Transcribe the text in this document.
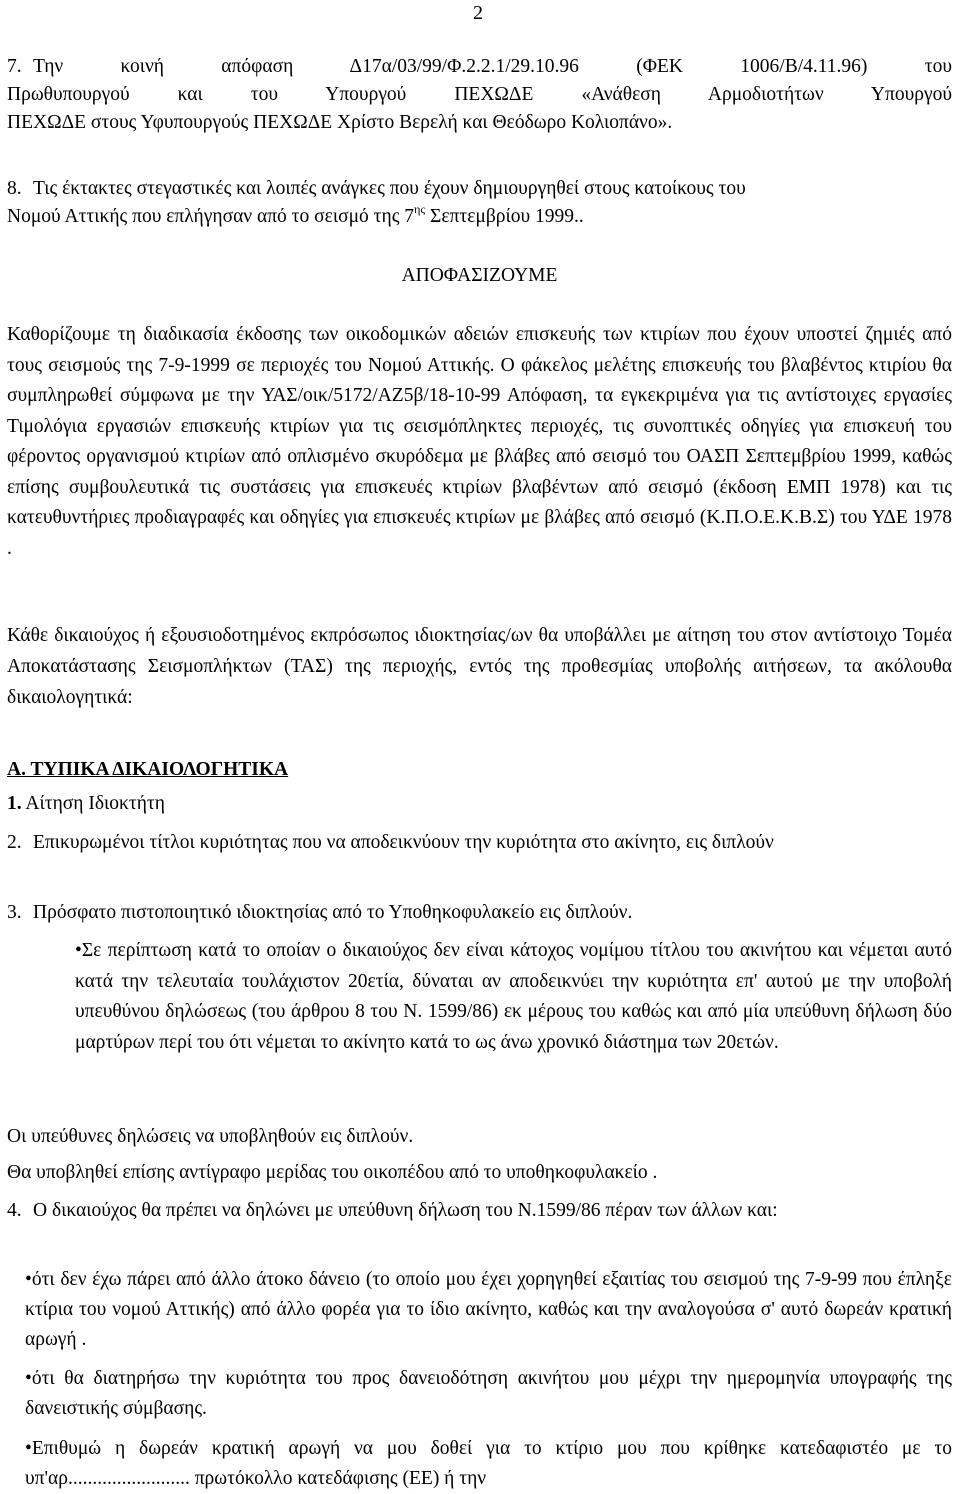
2
7. Την κοινή απόφαση Δ17α/03/99/Φ.2.2.1/29.10.96 (ΦΕΚ 1006/Β/4.11.96) του
Πρωθυπουργού και του Υπουργού ΠΕΧΩΔΕ «Ανάθεση Αρμοδιοτήτων Υπουργού
ΠΕΧΩΔΕ στους Υφυπουργούς ΠΕΧΩΔΕ Χρίστο Βερελή και Θεόδωρο Κολιοπάνο».
8. Τις έκτακτες στεγαστικές και λοιπές ανάγκες που έχουν δημιουργηθεί στους κατοίκους του
Νομού Αττικής που επλήγησαν από το σεισμό της $7^{\eta\varsigma}$ Σεπτεμβρίου 1999..
ΑΠΟΦΑΣΙΖΟΥΜΕ
Καθορίζουμε τη διαδικασία έκδοσης των οικοδομικών αδειών επισκευής των κτιρίων που έχουν υποστεί ζημιές από τους σεισμούς της 7-9-1999 σε περιοχές του Νομού Αττικής. Ο φάκελος μελέτης επισκευής του βλαβέντος κτιρίου θα συμπληρωθεί σύμφωνα με την ΥΑΣ/οικ/5172/ΑΖ5β/18-10-99 Απόφαση, τα εγκεκριμένα για τις αντίστοιχες εργασίες Τιμολόγια εργασιών επισκευής κτιρίων για τις σεισμόπληκτες περιοχές, τις συνοπτικές οδηγίες για επισκευή του φέροντος οργανισμού κτιρίων από οπλισμένο σκυρόδεμα με βλάβες από σεισμό του ΟΑΣΠ Σεπτεμβρίου 1999, καθώς επίσης συμβουλευτικά τις συστάσεις για επισκευές κτιρίων βλαβέντων από σεισμό (έκδοση ΕΜΠ 1978) και τις κατευθυντήριες προδιαγραφές και οδηγίες για επισκευές κτιρίων με βλάβες από σεισμό (Κ.Π.Ο.Ε.Κ.Β.Σ) του ΥΔΕ 1978 .
Κάθε δικαιούχος ή εξουσιοδοτημένος εκπρόσωπος ιδιοκτησίας/ων θα υποβάλλει με αίτηση του στον αντίστοιχο Τομέα Αποκατάστασης Σεισμοπλήκτων (ΤΑΣ) της περιοχής, εντός της προθεσμίας υποβολής αιτήσεων, τα ακόλουθα δικαιολογητικά:
Α. ΤΥΠΙΚΑ ΔΙΚΑΙΟΛΟΓΗΤΙΚΑ
1. Αίτηση Ιδιοκτήτη
2. Επικυρωμένοι τίτλοι κυριότητας που να αποδεικνύουν την κυριότητα στο ακίνητο, εις διπλούν
3. Πρόσφατο πιστοποιητικό ιδιοκτησίας από το Υποθηκοφυλακείο εις διπλούν.
•Σε περίπτωση κατά το οποίαν ο δικαιούχος δεν είναι κάτοχος νομίμου τίτλου του ακινήτου και νέμεται αυτό κατά την τελευταία τουλάχιστον 20ετία, δύναται αν αποδεικνύει την κυριότητα επ' αυτού με την υποβολή υπευθύνου δηλώσεως (του άρθρου 8 του Ν. 1599/86) εκ μέρους του καθώς και από μία υπεύθυνη δήλωση δύο μαρτύρων περί του ότι νέμεται το ακίνητο κατά το ως άνω χρονικό διάστημα των 20ετών.
Οι υπεύθυνες δηλώσεις να υποβληθούν εις διπλούν.
Θα υποβληθεί επίσης αντίγραφο μερίδας του οικοπέδου από το υποθηκοφυλακείο .
4. Ο δικαιούχος θα πρέπει να δηλώνει με υπεύθυνη δήλωση του Ν.1599/86 πέραν των άλλων και:
•ότι δεν έχω πάρει από άλλο άτοκο δάνειο (το οποίο μου έχει χορηγηθεί εξαιτίας του σεισμού της 7-9-99 που έπληξε κτίρια του νομού Αττικής) από άλλο φορέα για το ίδιο ακίνητο, καθώς και την αναλογούσα σ' αυτό δωρεάν κρατική αρωγή .
•ότι θα διατηρήσω την κυριότητα του προς δανειοδότηση ακινήτου μου μέχρι την ημερομηνία υπογραφής της δανειστικής σύμβασης.
•Επιθυμώ η δωρεάν κρατική αρωγή να μου δοθεί για το κτίριο μου που κρίθηκε κατεδαφιστέο με το υπ'αρ......................... πρωτόκολλο κατεδάφισης (ΕΕ) ή την
